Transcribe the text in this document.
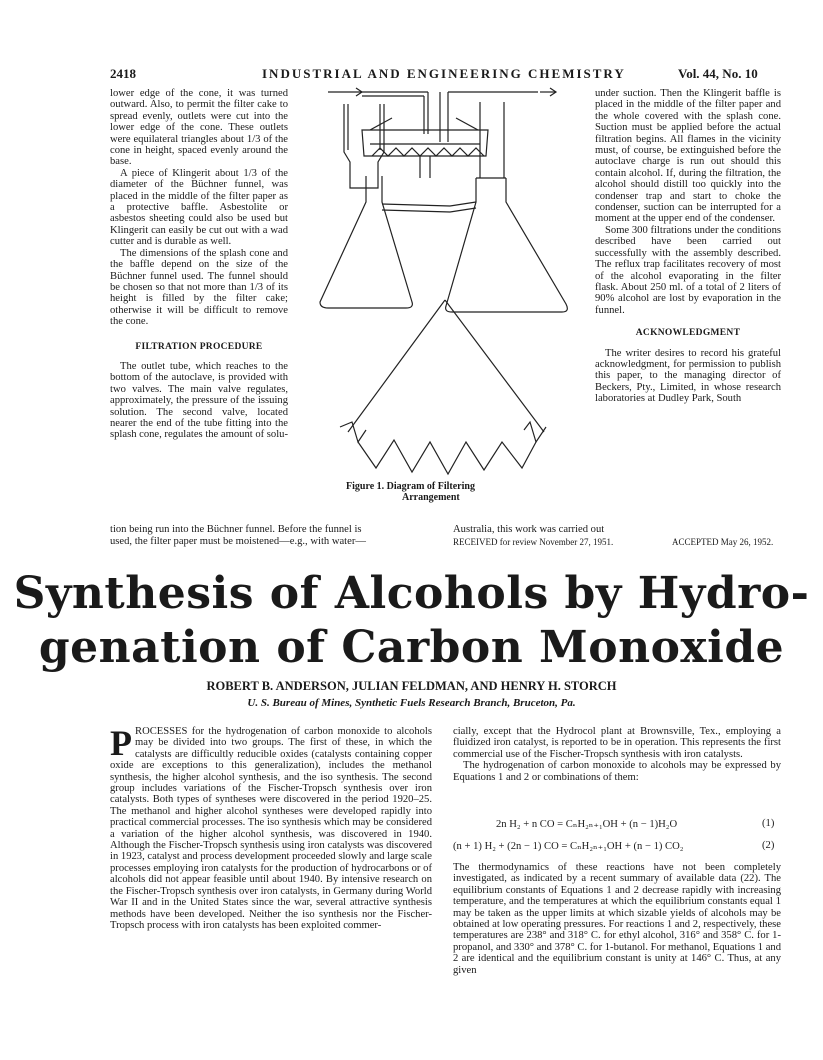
2418	INDUSTRIAL AND ENGINEERING CHEMISTRY	Vol. 44, No. 10

lower edge of the cone, it was turned outward. Also, to permit the filter cake to spread evenly, outlets were cut into the lower edge of the cone. These outlets were equilateral triangles about 1/3 of the cone in height, spaced evenly around the base.

A piece of Klingerit about 1/3 of the diameter of the Büchner funnel, was placed in the middle of the filter paper as a protective baffle. Asbestolite or asbestos sheeting could also be used but Klingerit can easily be cut out with a wad cutter and is durable as well.

The dimensions of the splash cone and the baffle depend on the size of the Büchner funnel used. The funnel should be chosen so that not more than 1/3 of its height is filled by the filter cake; otherwise it will be difficult to remove the cone.

FILTRATION PROCEDURE

The outlet tube, which reaches to the bottom of the autoclave, is provided with two valves. The main valve regulates, approximately, the pressure of the issuing solution. The second valve, located nearer the end of the tube fitting into the splash cone, regulates the amount of solu-

tion being run into the Büchner funnel. Before the funnel is
used, the filter paper must be moistened—e.g., with water—
Figure 1. Diagram of Filtering
Arrangement

under suction. Then the Klingerit baffle is placed in the middle of the filter paper and the whole covered with the splash cone. Suction must be applied before the actual filtration begins. All flames in the vicinity must, of course, be extinguished before the autoclave charge is run out should this contain alcohol. If, during the filtration, the alcohol should distill too quickly into the condenser trap and start to choke the condenser, suction can be interrupted for a moment at the upper end of the condenser.

Some 300 filtrations under the conditions described have been carried out successfully with the assembly described. The reflux trap facilitates recovery of most of the alcohol evaporating in the filter flask. About 250 ml. of a total of 2 liters of 90% alcohol are lost by evaporation in the funnel.

ACKNOWLEDGMENT

The writer desires to record his grateful acknowledgment, for permission to publish this paper, to the managing director of Beckers, Pty., Limited, in whose research laboratories at Dudley Park, South

Australia, this work was carried out
RECEIVED for review November 27, 1951.	ACCEPTED May 26, 1952.
Synthesis of Alcohols by Hydro-
genation of Carbon Monoxide
ROBERT B. ANDERSON, JULIAN FELDMAN, AND HENRY H. STORCH
U. S. Bureau of Mines, Synthetic Fuels Research Branch, Bruceton, Pa.

P ROCESSES for the hydrogenation of carbon monoxide to alcohols may be divided into two groups. The first of these, in which the catalysts are difficultly reducible oxides (catalysts containing copper oxide are exceptions to this generalization), includes the methanol synthesis, the higher alcohol synthesis, and the iso synthesis. The second group includes variations of the Fischer-Tropsch synthesis over iron catalysts. Both types of syntheses were discovered in the period 1920–25. The methanol and higher alcohol syntheses were developed rapidly into practical commercial processes. The iso synthesis which may be considered a variation of the higher alcohol synthesis, was discovered in 1940. Although the Fischer-Tropsch synthesis using iron catalysts was discovered in 1923, catalyst and process development proceeded slowly and large scale processes employing iron catalysts for the production of hydrocarbons or of alcohols did not appear feasible until about 1940. By intensive research on the Fischer-Tropsch synthesis over iron catalysts, in Germany during World War II and in the United States since the war, several attractive synthesis methods have been developed. Neither the iso synthesis nor the Fischer-Tropsch process with iron catalysts has been exploited commer-

cially, except that the Hydrocol plant at Brownsville, Tex., employing a fluidized iron catalyst, is reported to be in operation. This represents the first commercial use of the Fischer-Tropsch synthesis with iron catalysts.

The hydrogenation of carbon monoxide to alcohols may be expressed by Equations 1 and 2 or combinations of them:

2n H₂ + n CO = CₙH₂ₙ₊₁OH + (n − 1)H₂O	(1)
(n + 1) H₂ + (2n − 1) CO = CₙH₂ₙ₊₁OH + (n − 1) CO₂	(2)

The thermodynamics of these reactions have not been completely investigated, as indicated by a recent summary of available data (22). The equilibrium constants of Equations 1 and 2 decrease rapidly with increasing temperature, and the temperatures at which the equilibrium constants equal 1 may be taken as the upper limits at which sizable yields of alcohols may be obtained at low operating pressures. For reactions 1 and 2, respectively, these temperatures are 238° and 318° C. for ethyl alcohol, 316° and 358° C. for 1-propanol, and 330° and 378° C. for 1-butanol. For methanol, Equations 1 and 2 are identical and the equilibrium constant is unity at 146° C. Thus, at any given
